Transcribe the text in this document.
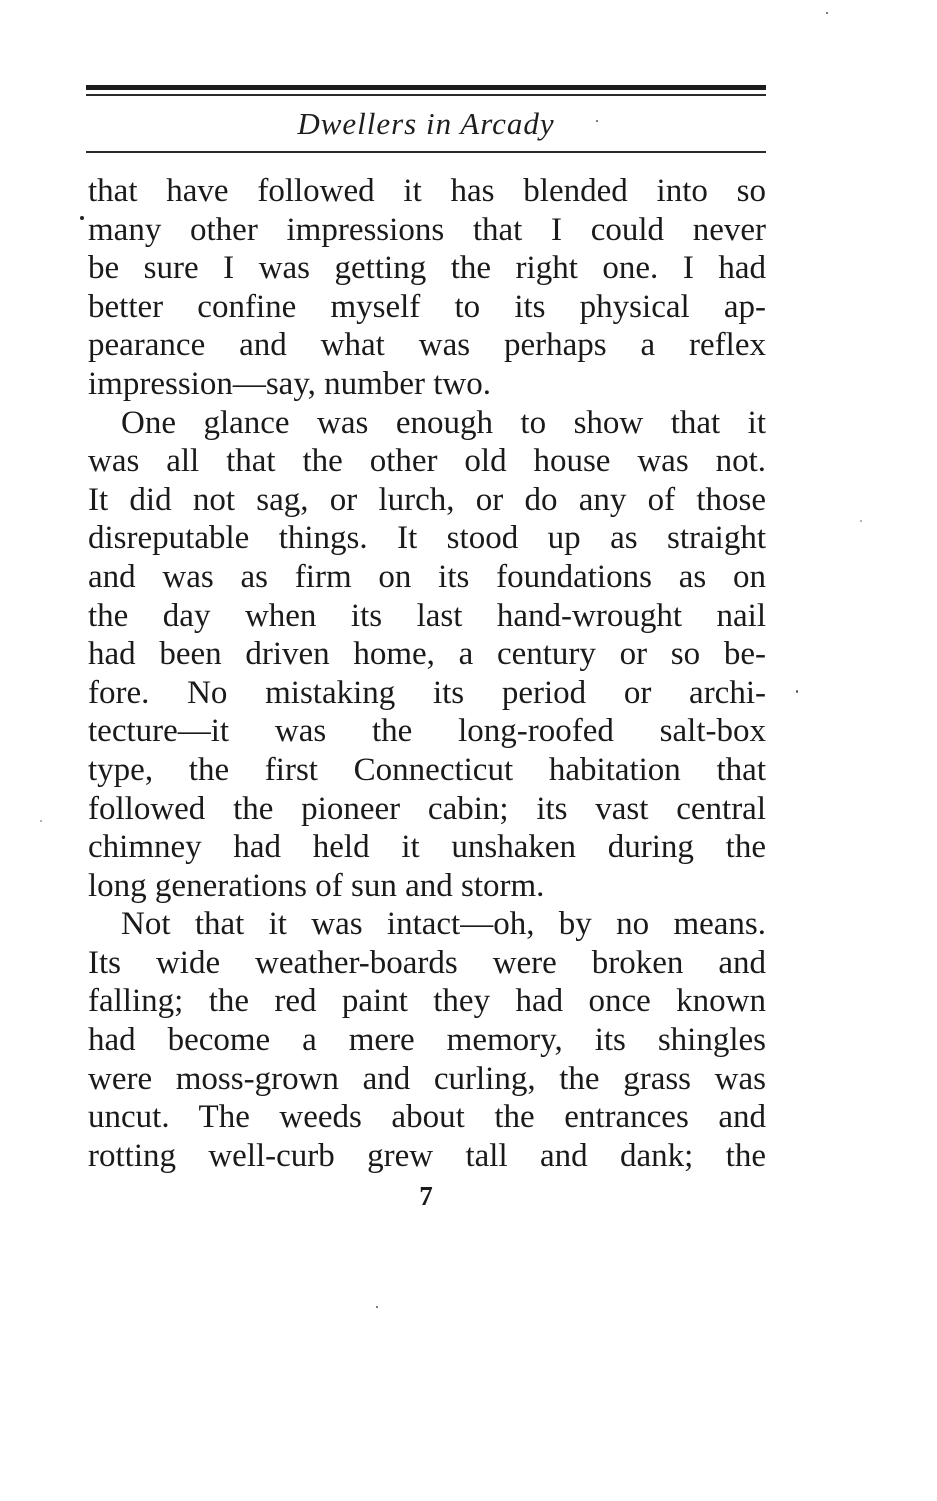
Dwellers in Arcady
that have followed it has blended into so
many other impressions that I could never
be sure I was getting the right one. I had
better confine myself to its physical ap-
pearance and what was perhaps a reflex
impression—say, number two.
One glance was enough to show that it
was all that the other old house was not.
It did not sag, or lurch, or do any of those
disreputable things. It stood up as straight
and was as firm on its foundations as on
the day when its last hand-wrought nail
had been driven home, a century or so be-
fore. No mistaking its period or archi-
tecture—it was the long-roofed salt-box
type, the first Connecticut habitation that
followed the pioneer cabin; its vast central
chimney had held it unshaken during the
long generations of sun and storm.
Not that it was intact—oh, by no means.
Its wide weather-boards were broken and
falling; the red paint they had once known
had become a mere memory, its shingles
were moss-grown and curling, the grass was
uncut. The weeds about the entrances and
rotting well-curb grew tall and dank; the
7
